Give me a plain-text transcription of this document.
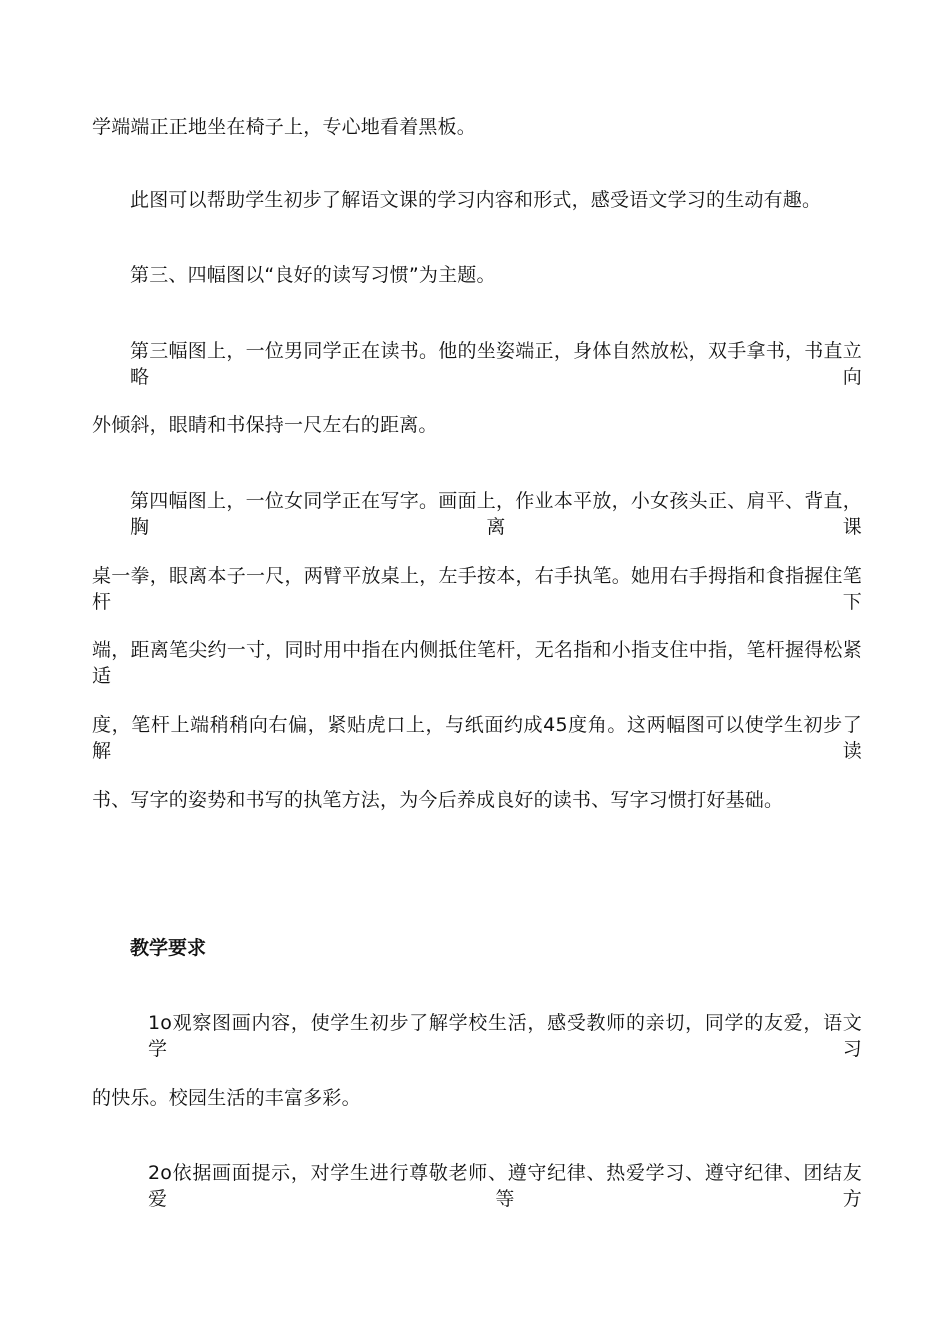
学端端正正地坐在椅子上，专心地看着黑板。
此图可以帮助学生初步了解语文课的学习内容和形式，感受语文学习的生动有趣。
第三、四幅图以“良好的读写习惯”为主题。
第三幅图上，一位男同学正在读书。他的坐姿端正，身体自然放松，双手拿书，书直立略向
外倾斜，眼睛和书保持一尺左右的距离。
第四幅图上，一位女同学正在写字。画面上，作业本平放，小女孩头正、肩平、背直，胸离课
桌一拳，眼离本子一尺，两臂平放桌上，左手按本，右手执笔。她用右手拇指和食指握住笔杆下
端，距离笔尖约一寸，同时用中指在内侧抵住笔杆，无名指和小指支住中指，笔杆握得松紧适
度，笔杆上端稍稍向右偏，紧贴虎口上，与纸面约成45度角。这两幅图可以使学生初步了解读
书、写字的姿势和书写的执笔方法，为今后养成良好的读书、写字习惯打好基础。
教学要求
1o观察图画内容，使学生初步了解学校生活，感受教师的亲切，同学的友爱，语文学习
的快乐。校园生活的丰富多彩。
2o依据画面提示，对学生进行尊敬老师、遵守纪律、热爱学习、遵守纪律、团结友爱等方
